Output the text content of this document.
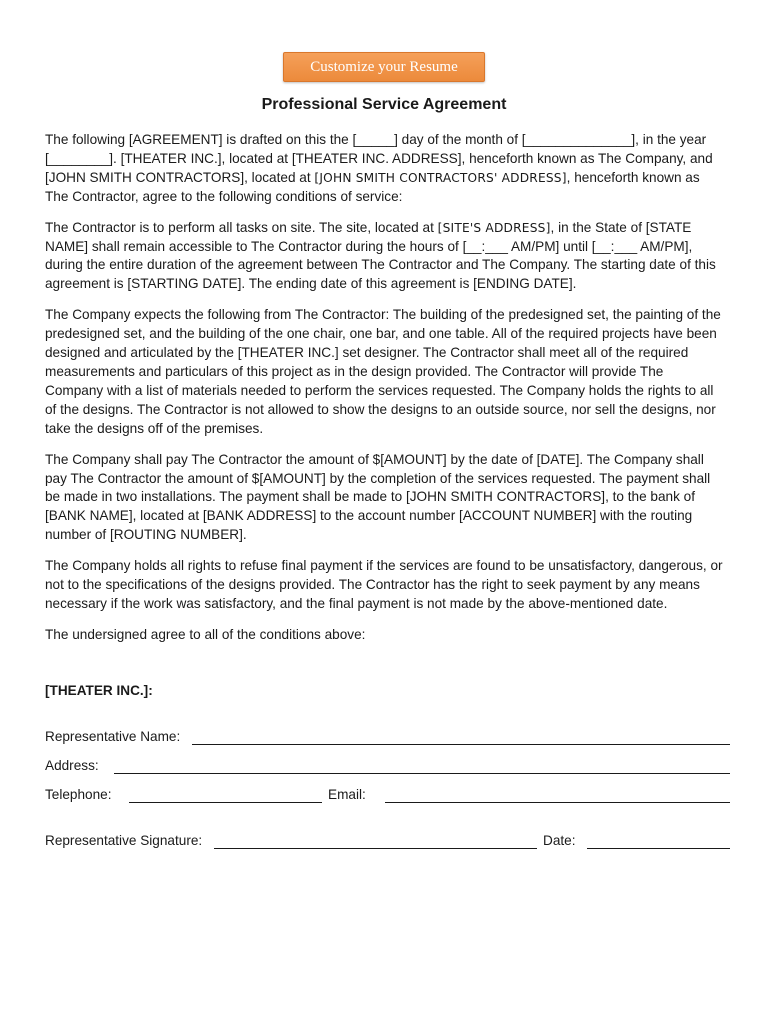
Customize your Resume
Professional Service Agreement

The following [AGREEMENT] is drafted on this the [_____] day of the month of [______________], in the year [________]. [THEATER INC.], located at [THEATER INC. ADDRESS], henceforth known as The Company, and [JOHN SMITH CONTRACTORS], located at [JOHN SMITH CONTRACTORS' ADDRESS], henceforth known as The Contractor, agree to the following conditions of service:

The Contractor is to perform all tasks on site. The site, located at [SITE'S ADDRESS], in the State of [STATE NAME] shall remain accessible to The Contractor during the hours of [__:___ AM/PM] until [__:___ AM/PM], during the entire duration of the agreement between The Contractor and The Company. The starting date of this agreement is [STARTING DATE]. The ending date of this agreement is [ENDING DATE].

The Company expects the following from The Contractor: The building of the predesigned set, the painting of the predesigned set, and the building of the one chair, one bar, and one table. All of the required projects have been designed and articulated by the [THEATER INC.] set designer. The Contractor shall meet all of the required measurements and particulars of this project as in the design provided. The Contractor will provide The Company with a list of materials needed to perform the services requested. The Company holds the rights to all of the designs. The Contractor is not allowed to show the designs to an outside source, nor sell the designs, nor take the designs off of the premises.

The Company shall pay The Contractor the amount of $[AMOUNT] by the date of [DATE]. The Company shall pay The Contractor the amount of $[AMOUNT] by the completion of the services requested. The payment shall be made in two installations. The payment shall be made to [JOHN SMITH CONTRACTORS], to the bank of [BANK NAME], located at [BANK ADDRESS] to the account number [ACCOUNT NUMBER] with the routing number of [ROUTING NUMBER].

The Company holds all rights to refuse final payment if the services are found to be unsatisfactory, dangerous, or not to the specifications of the designs provided. The Contractor has the right to seek payment by any means necessary if the work was satisfactory, and the final payment is not made by the above-mentioned date.

The undersigned agree to all of the conditions above:

[THEATER INC.]:

Representative Name:
Address:
Telephone:	Email:
Representative Signature:	Date:
